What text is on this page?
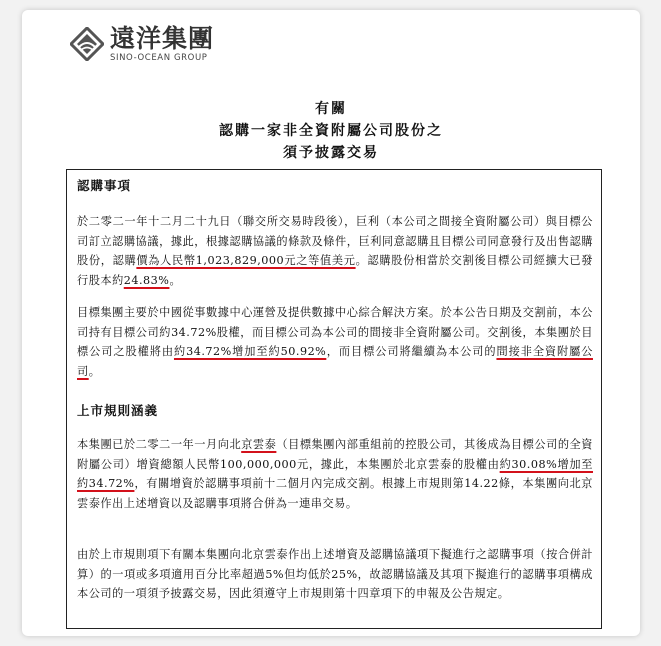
遠洋集團
SINO-OCEAN GROUP
有關
認購一家非全資附屬公司股份之
須予披露交易
認購事項

於二零二一年十二月二十九日（聯交所交易時段後），巨利（本公司之間接全資附屬公司）與目標公司訂立認購協議，據此，根據認購協議的條款及條件，巨利同意認購且目標公司同意發行及出售認購股份，認購價為人民幣1,023,829,000元之等值美元。認購股份相當於交割後目標公司經擴大已發行股本約24.83%。

目標集團主要於中國從事數據中心運營及提供數據中心綜合解決方案。於本公告日期及交割前，本公司持有目標公司約34.72%股權，而目標公司為本公司的間接非全資附屬公司。交割後，本集團於目標公司之股權將由約34.72%增加至約50.92%，而目標公司將繼續為本公司的間接非全資附屬公司。

上市規則涵義

本集團已於二零二一年一月向北京雲泰（目標集團內部重組前的控股公司，其後成為目標公司的全資附屬公司）增資總額人民幣100,000,000元，據此，本集團於北京雲泰的股權由約30.08%增加至約34.72%，有關增資於認購事項前十二個月內完成交割。根據上市規則第14.22條，本集團向北京雲泰作出上述增資以及認購事項將合併為一連串交易。

由於上市規則項下有關本集團向北京雲泰作出上述增資及認購協議項下擬進行之認購事項（按合併計算）的一項或多項適用百分比率超過5%但均低於25%，故認購協議及其項下擬進行的認購事項構成本公司的一項須予披露交易，因此須遵守上市規則第十四章項下的申報及公告規定。
